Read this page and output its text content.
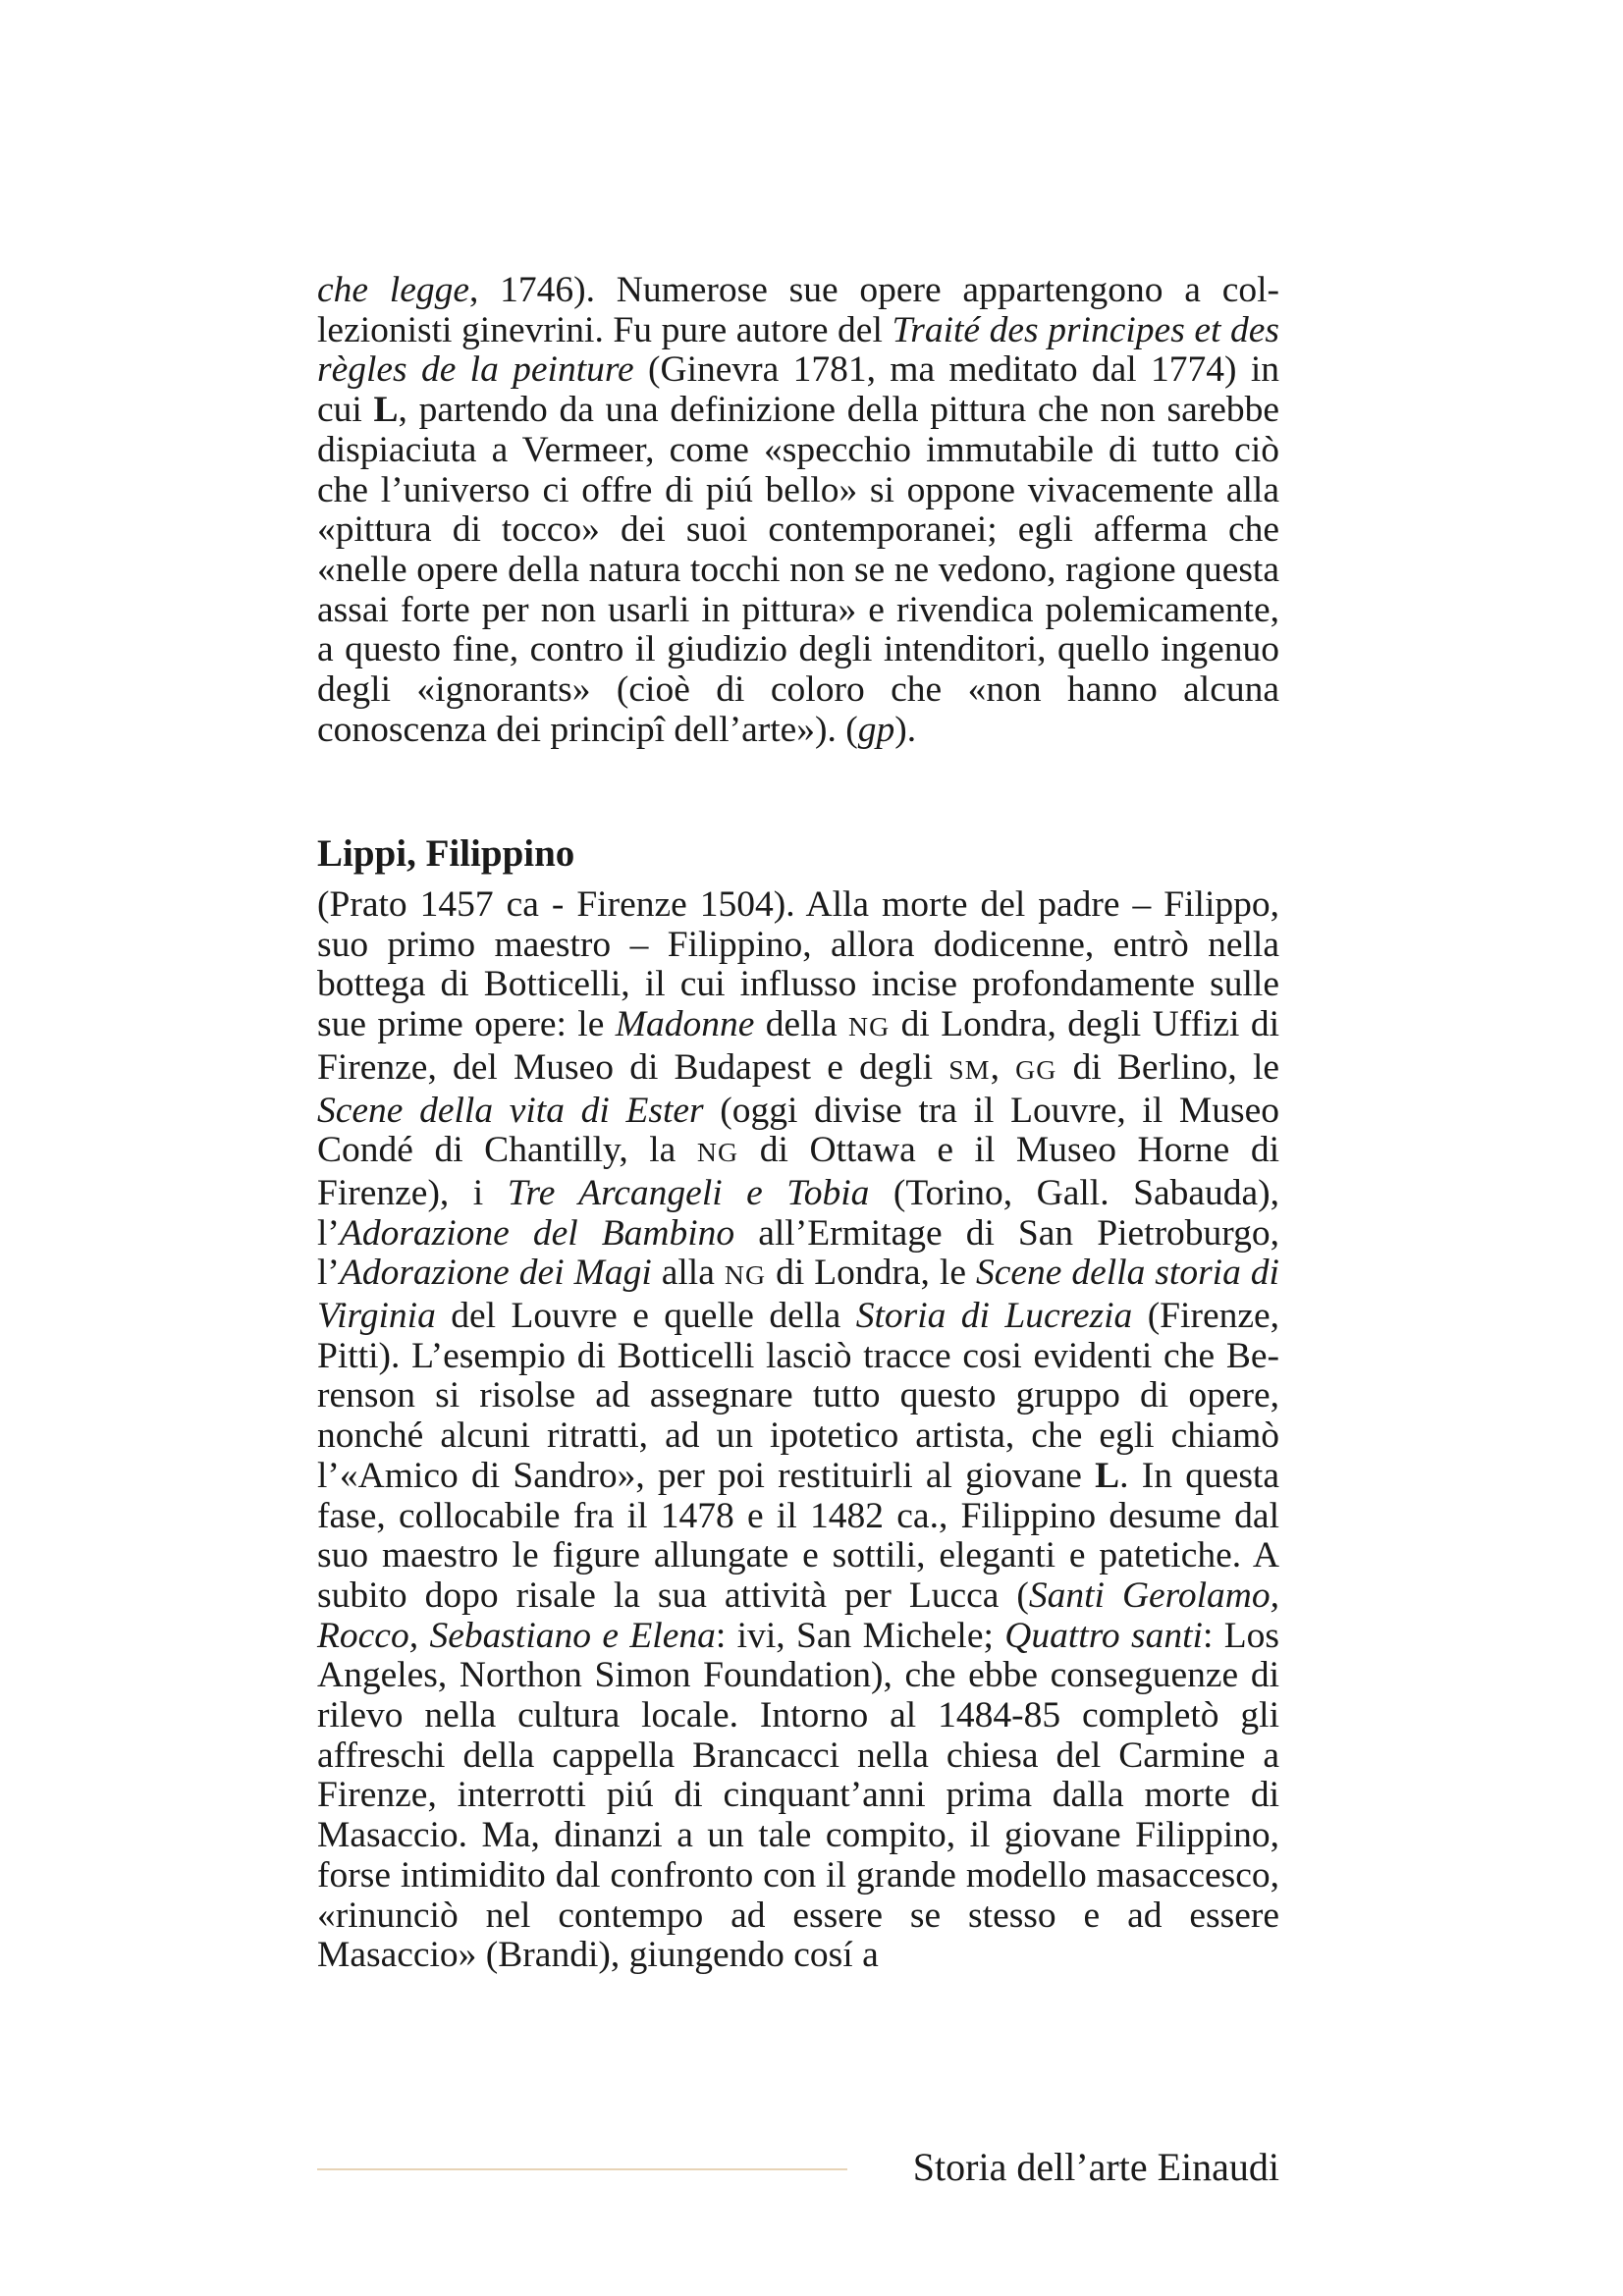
che legge, 1746). Numerose sue opere appartengono a collezionisti ginevrini. Fu pure autore del Traité des principes et des règles de la peinture (Ginevra 1781, ma meditato dal 1774) in cui L, partendo da una definizione della pittura che non sarebbe dispiaciuta a Vermeer, come «specchio immutabile di tutto ciò che l’universo ci offre di piú bello» si oppone vivacemente alla «pittura di tocco» dei suoi contemporanei; egli afferma che «nelle opere della natura tocchi non se ne vedono, ragione questa assai forte per non usarli in pittura» e rivendica polemicamente, a questo fine, contro il giudizio degli intenditori, quello ingenuo degli «ignorants» (cioè di coloro che «non hanno alcuna conoscenza dei principî dell’arte»). (gp).

Lippi, Filippino

(Prato 1457 ca - Firenze 1504). Alla morte del padre – Filippo, suo primo maestro – Filippino, allora dodicenne, entrò nella bottega di Botticelli, il cui influsso incise profondamente sulle sue prime opere: le Madonne della NG di Londra, degli Uffizi di Firenze, del Museo di Budapest e degli SM, GG di Berlino, le Scene della vita di Ester (oggi divise tra il Louvre, il Museo Condé di Chantilly, la NG di Ottawa e il Museo Horne di Firenze), i Tre Arcangeli e Tobia (Torino, Gall. Sabauda), l’Adorazione del Bambino all’Ermitage di San Pietroburgo, l’Adorazione dei Magi alla NG di Londra, le Scene della storia di Virginia del Louvre e quelle della Storia di Lucrezia (Firenze, Pitti). L’esempio di Botticelli lasciò tracce cosi evidenti che Berenson si risolse ad assegnare tutto questo gruppo di opere, nonché alcuni ritratti, ad un ipotetico artista, che egli chiamò l’«Amico di Sandro», per poi restituirli al giovane L. In questa fase, collocabile fra il 1478 e il 1482 ca., Filippino desume dal suo maestro le figure allungate e sottili, eleganti e patetiche. A subito dopo risale la sua attività per Lucca (Santi Gerolamo, Rocco, Sebastiano e Elena: ivi, San Michele; Quattro santi: Los Angeles, Northon Simon Foundation), che ebbe conseguenze di rilevo nella cultura locale. Intorno al 1484-85 completò gli affreschi della cappella Brancacci nella chiesa del Carmine a Firenze, interrotti piú di cinquant’anni prima dalla morte di Masaccio. Ma, dinanzi a un tale compito, il giovane Filippino, forse intimidito dal confronto con il grande modello masaccesco, «rinunciò nel contempo ad essere se stesso e ad essere Masaccio» (Brandi), giungendo cosí a

Storia dell’arte Einaudi
